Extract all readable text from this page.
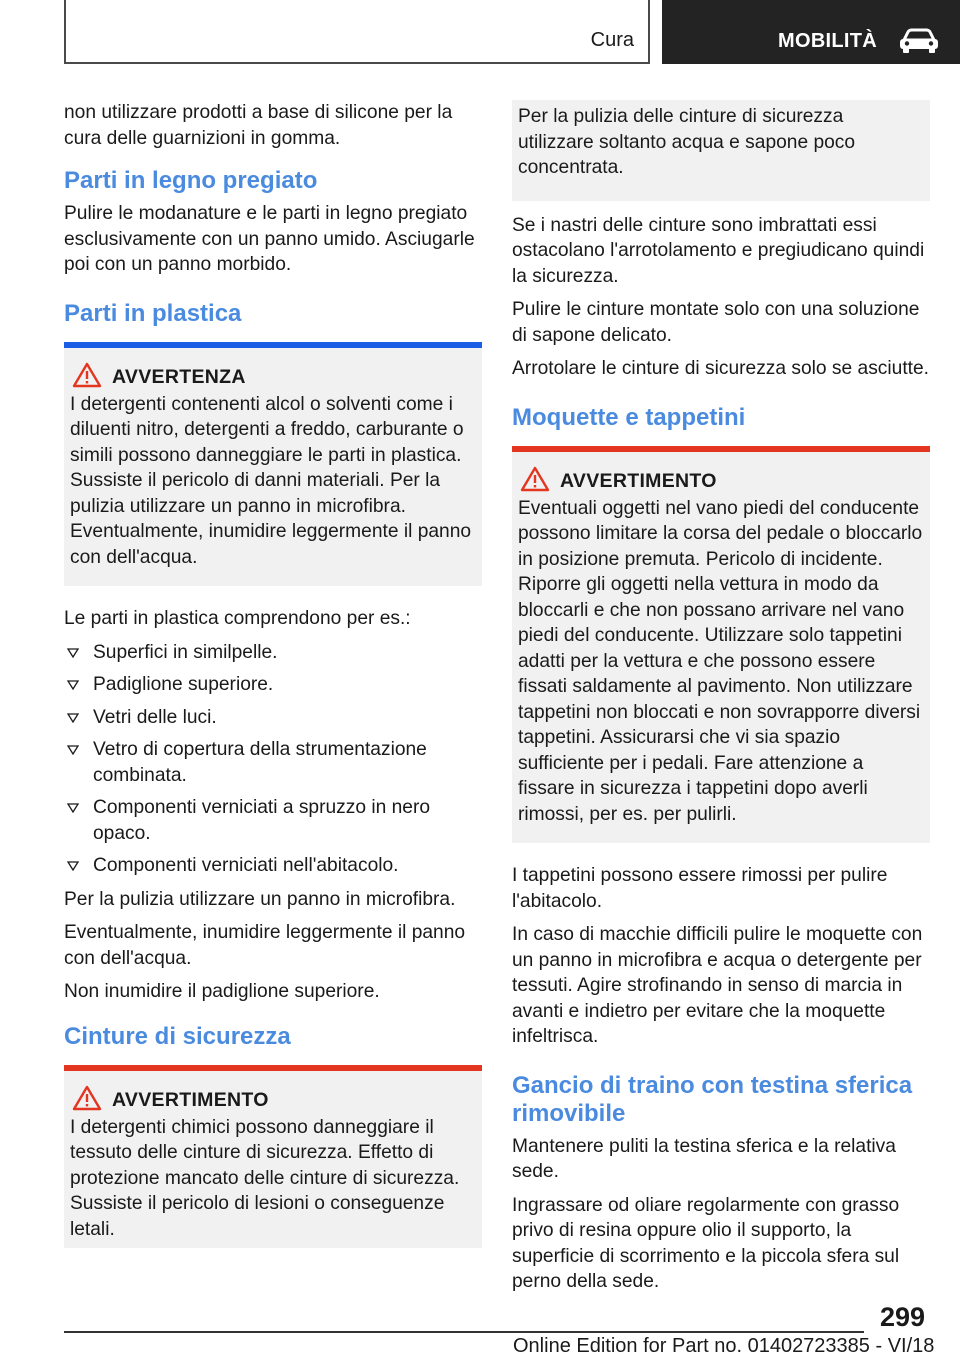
Cura	MOBILITÀ

non utilizzare prodotti a base di silicone per la cura delle guarnizioni in gomma.

Parti in legno pregiato

Pulire le modanature e le parti in legno pregiato esclusivamente con un panno umido. Asciugarle poi con un panno morbido.

Parti in plastica
AVVERTENZA
I detergenti contenenti alcol o solventi come i diluenti nitro, detergenti a freddo, carburante o simili possono danneggiare le parti in plastica. Sussiste il pericolo di danni materiali. Per la pulizia utilizzare un panno in microfibra. Eventualmente, inumidire leggermente il panno con dell'acqua.

Le parti in plastica comprendono per es.:

Superfici in similpelle.
Padiglione superiore.
Vetri delle luci.
Vetro di copertura della strumentazione combinata.
Componenti verniciati a spruzzo in nero opaco.
Componenti verniciati nell'abitacolo.

Per la pulizia utilizzare un panno in microfibra.

Eventualmente, inumidire leggermente il panno con dell'acqua.

Non inumidire il padiglione superiore.

Cinture di sicurezza
AVVERTIMENTO
I detergenti chimici possono danneggiare il tessuto delle cinture di sicurezza. Effetto di protezione mancato delle cinture di sicurezza. Sussiste il pericolo di lesioni o conseguenze letali.
Per la pulizia delle cinture di sicurezza utilizzare soltanto acqua e sapone poco concentrata.

Se i nastri delle cinture sono imbrattati essi ostacolano l'arrotolamento e pregiudicano quindi la sicurezza.

Pulire le cinture montate solo con una soluzione di sapone delicato.

Arrotolare le cinture di sicurezza solo se asciutte.

Moquette e tappetini
AVVERTIMENTO
Eventuali oggetti nel vano piedi del conducente possono limitare la corsa del pedale o bloccarlo in posizione premuta. Pericolo di incidente. Riporre gli oggetti nella vettura in modo da bloccarli e che non possano arrivare nel vano piedi del conducente. Utilizzare solo tappetini adatti per la vettura e che possono essere fissati saldamente al pavimento. Non utilizzare tappetini non bloccati e non sovrapporre diversi tappetini. Assicurarsi che vi sia spazio sufficiente per i pedali. Fare attenzione a fissare in sicurezza i tappetini dopo averli rimossi, per es. per pulirli.

I tappetini possono essere rimossi per pulire l'abitacolo.

In caso di macchie difficili pulire le moquette con un panno in microfibra e acqua o detergente per tessuti. Agire strofinando in senso di marcia in avanti e indietro per evitare che la moquette infeltrisca.

Gancio di traino con testina sferica rimovibile

Mantenere puliti la testina sferica e la relativa sede.

Ingrassare od oliare regolarmente con grasso privo di resina oppure olio il supporto, la superficie di scorrimento e la piccola sfera sul perno della sede.

299
Online Edition for Part no. 01402723385 - VI/18
